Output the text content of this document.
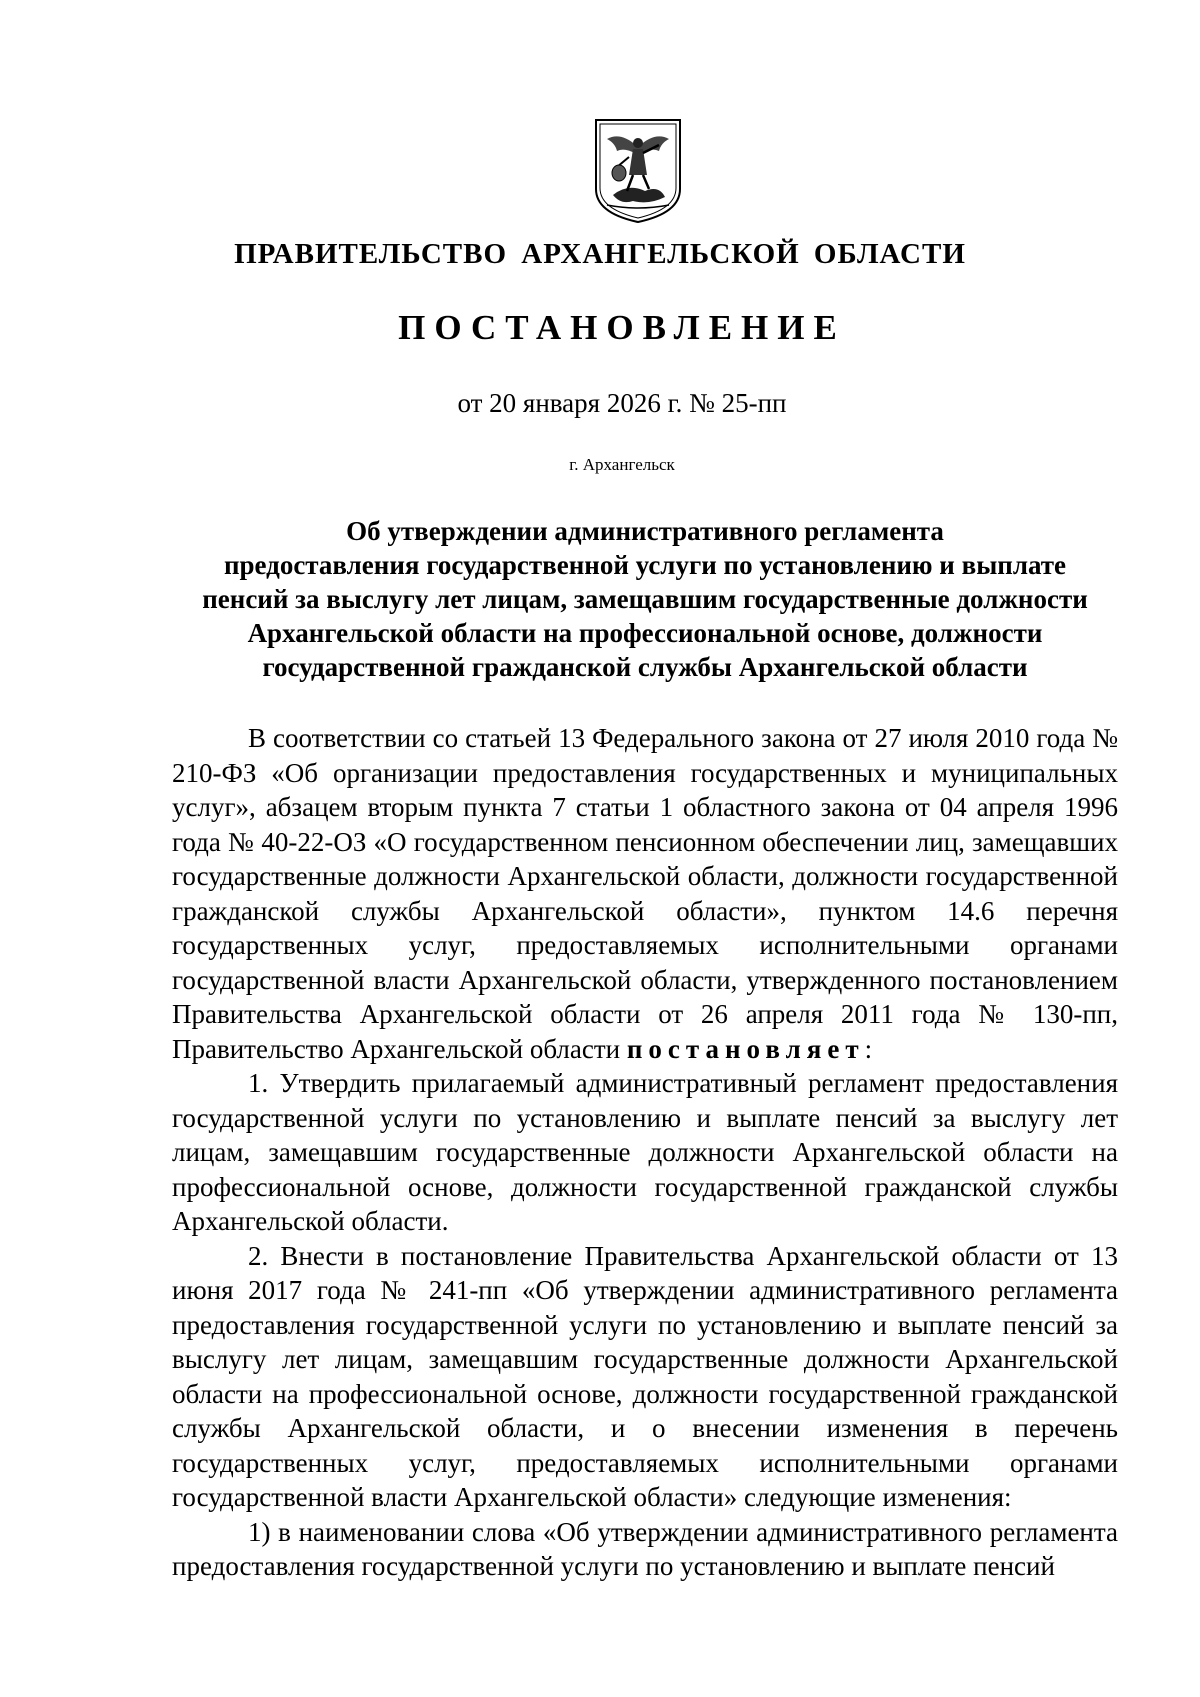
ПРАВИТЕЛЬСТВО АРХАНГЕЛЬСКОЙ ОБЛАСТИ
ПОСТАНОВЛЕНИЕ
от 20 января 2026 г. № 25-пп
г. Архангельск
Об утверждении административного регламента
предоставления государственной услуги по установлению и выплате
пенсий за выслугу лет лицам, замещавшим государственные должности
Архангельской области на профессиональной основе, должности
государственной гражданской службы Архангельской области

В соответствии со статьей 13 Федерального закона от 27 июля 2010 года № 210-ФЗ «Об организации предоставления государственных и муниципальных услуг», абзацем вторым пункта 7 статьи 1 областного закона от 04 апреля 1996 года № 40-22-ОЗ «О государственном пенсионном обеспечении лиц, замещавших государственные должности Архангельской области, должности государственной гражданской службы Архангельской области», пунктом 14.6 перечня государственных услуг, предоставляемых исполнительными органами государственной власти Архангельской области, утвержденного постановлением Правительства Архангельской области от 26 апреля 2011 года № 130-пп, Правительство Архангельской области постановляет:

1. Утвердить прилагаемый административный регламент предоставления государственной услуги по установлению и выплате пенсий за выслугу лет лицам, замещавшим государственные должности Архангельской области на профессиональной основе, должности государственной гражданской службы Архангельской области.

2. Внести в постановление Правительства Архангельской области от 13 июня 2017 года № 241-пп «Об утверждении административного регламента предоставления государственной услуги по установлению и выплате пенсий за выслугу лет лицам, замещавшим государственные должности Архангельской области на профессиональной основе, должности государственной гражданской службы Архангельской области, и о внесении изменения в перечень государственных услуг, предоставляемых исполнительными органами государственной власти Архангельской области» следующие изменения:

1) в наименовании слова «Об утверждении административного регламента предоставления государственной услуги по установлению и выплате пенсий
